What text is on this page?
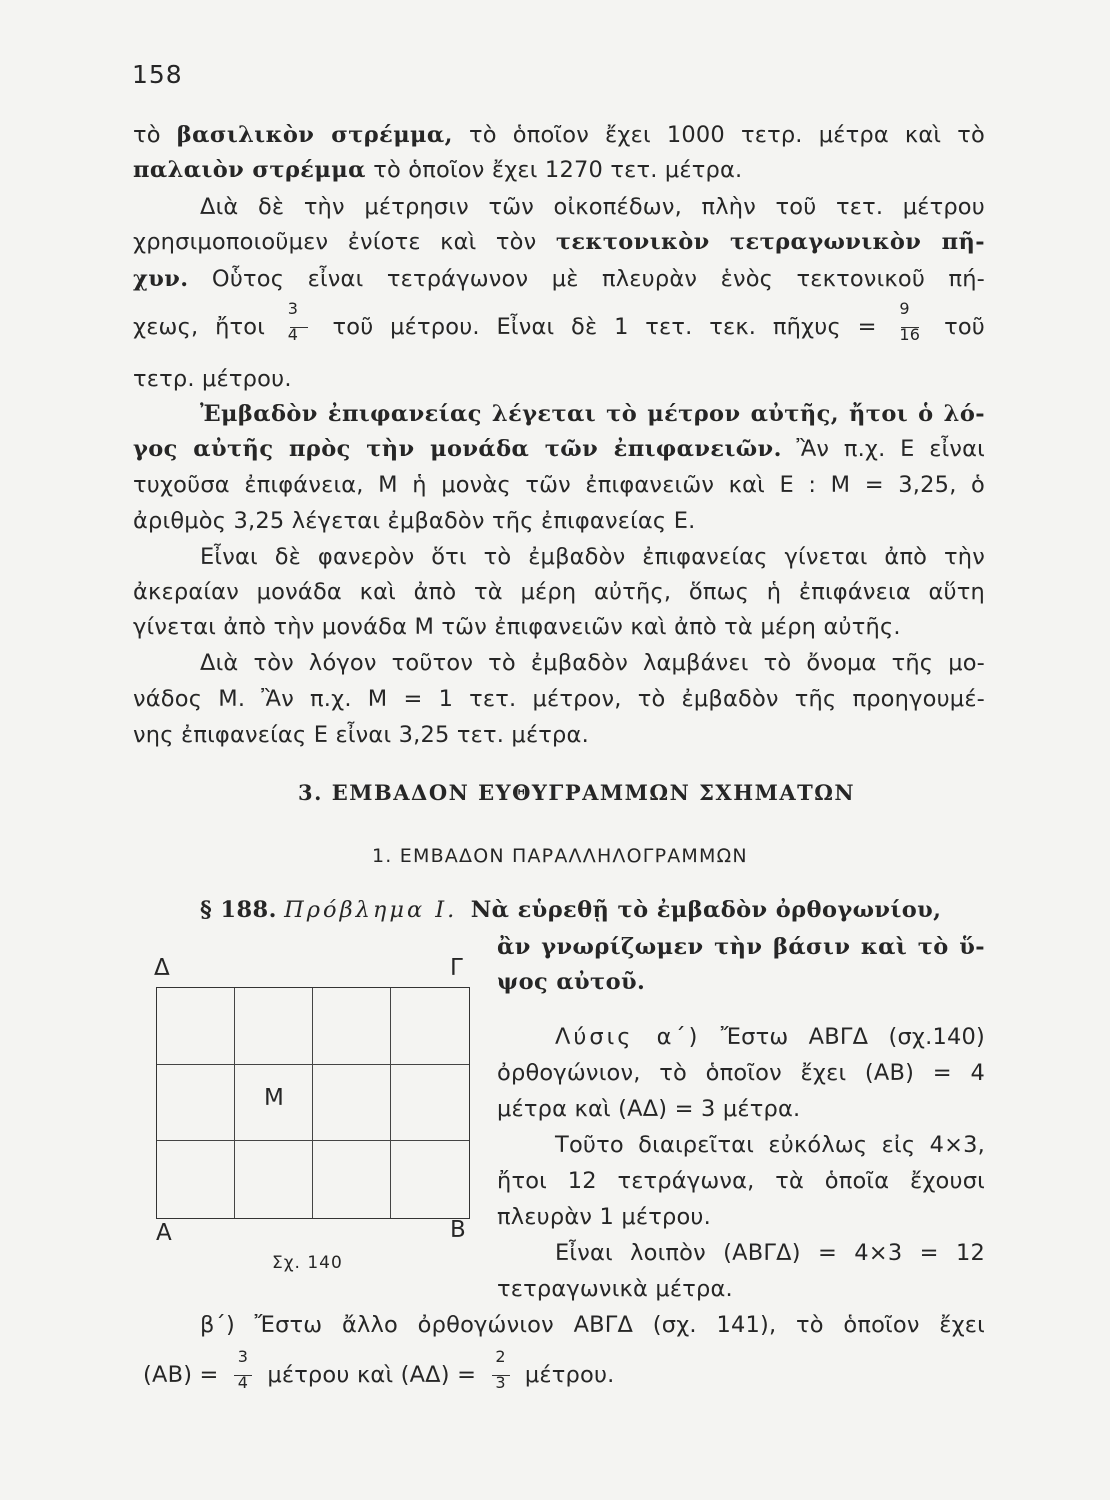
158
τὸ βασιλικὸν στρέμμα, τὸ ὁποῖον ἔχει 1000 τετρ. μέτρα καὶ τὸ
παλαιὸν στρέμμα τὸ ὁποῖον ἔχει 1270 τετ. μέτρα.
Διὰ δὲ τὴν μέτρησιν τῶν οἰκοπέδων, πλὴν τοῦ τετ. μέτρου
χρησιμοποιοῦμεν ἐνίοτε καὶ τὸν τεκτονικὸν τετραγωνικὸν πῆ-
χυν. Οὗτος εἶναι τετράγωνον μὲ πλευρὰν ἑνὸς τεκτονικοῦ πή-
χεως, ἤτοι $\frac{3}{4}$ τοῦ μέτρου. Εἶναι δὲ 1 τετ. τεκ. πῆχυς = $\frac{9}{16}$ τοῦ
τετρ. μέτρου.
Ἐμβαδὸν ἐπιφανείας λέγεται τὸ μέτρον αὐτῆς, ἤτοι ὁ λό-
γος αὐτῆς πρὸς τὴν μονάδα τῶν ἐπιφανειῶν. Ἂν π.χ. Ε εἶναι
τυχοῦσα ἐπιφάνεια, Μ ἡ μονὰς τῶν ἐπιφανειῶν καὶ Ε : Μ = 3,25, ὁ
ἀριθμὸς 3,25 λέγεται ἐμβαδὸν τῆς ἐπιφανείας Ε.
Εἶναι δὲ φανερὸν ὅτι τὸ ἐμβαδὸν ἐπιφανείας γίνεται ἀπὸ τὴν
ἀκεραίαν μονάδα καὶ ἀπὸ τὰ μέρη αὐτῆς, ὅπως ἡ ἐπιφάνεια αὕτη
γίνεται ἀπὸ τὴν μονάδα Μ τῶν ἐπιφανειῶν καὶ ἀπὸ τὰ μέρη αὐτῆς.
Διὰ τὸν λόγον τοῦτον τὸ ἐμβαδὸν λαμβάνει τὸ ὄνομα τῆς μο-
νάδος Μ. Ἂν π.χ. Μ = 1 τετ. μέτρον, τὸ ἐμβαδὸν τῆς προηγουμέ-
νης ἐπιφανείας Ε εἶναι 3,25 τετ. μέτρα.
3. ΕΜΒΑΔΟΝ ΕΥΘΥΓΡΑΜΜΩΝ ΣΧΗΜΑΤΩΝ
1. ΕΜΒΑΔΟΝ ΠΑΡΑΛΛΗΛΟΓΡΑΜΜΩΝ
§ 188. Πρόβλημα Ι. Νὰ εὑρεθῇ τὸ ἐμβαδὸν ὀρθογωνίου,
ἂν γνωρίζωμεν τὴν βάσιν καὶ τὸ ὕ-
ψος αὐτοῦ.
Λύσις α΄) Ἔστω ΑΒΓΔ (σχ.140)
ὀρθογώνιον, τὸ ὁποῖον ἔχει (ΑΒ) = 4
μέτρα καὶ (ΑΔ) = 3 μέτρα.
Τοῦτο διαιρεῖται εὐκόλως εἰς 4×3,
ἤτοι 12 τετράγωνα, τὰ ὁποῖα ἔχουσι
πλευρὰν 1 μέτρου.
Εἶναι λοιπὸν (ΑΒΓΔ) = 4×3 = 12
τετραγωνικὰ μέτρα.
Δ	Γ
Μ
Α	Β
Σχ. 140
β΄) Ἔστω ἄλλο ὀρθογώνιον ΑΒΓΔ (σχ. 141), τὸ ὁποῖον ἔχει
$(AB) = \frac{3}{4}$ μέτρου καὶ $(A\Delta) = \frac{2}{3} \mu έ\tau\rho o\upsilon$.
